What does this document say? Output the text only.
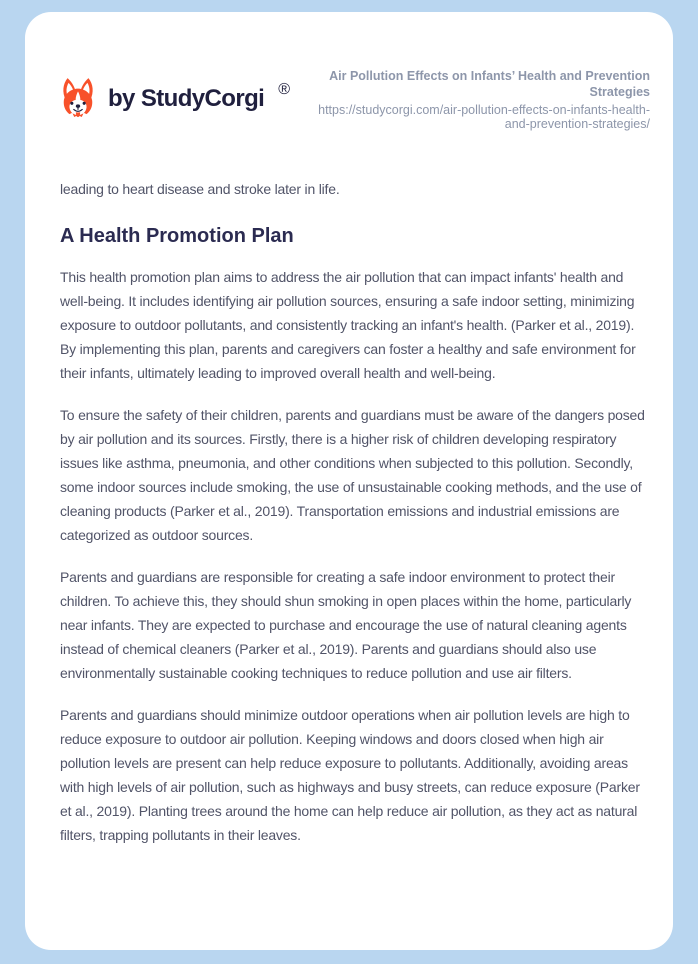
by StudyCorgi ®
Air Pollution Effects on Infants’ Health and Prevention Strategies
https://studycorgi.com/air-pollution-effects-on-infants-health-and-prevention-strategies/

leading to heart disease and stroke later in life.

A Health Promotion Plan

This health promotion plan aims to address the air pollution that can impact infants' health and well-being. It includes identifying air pollution sources, ensuring a safe indoor setting, minimizing exposure to outdoor pollutants, and consistently tracking an infant's health. (Parker et al., 2019). By implementing this plan, parents and caregivers can foster a healthy and safe environment for their infants, ultimately leading to improved overall health and well-being.

To ensure the safety of their children, parents and guardians must be aware of the dangers posed by air pollution and its sources. Firstly, there is a higher risk of children developing respiratory issues like asthma, pneumonia, and other conditions when subjected to this pollution. Secondly, some indoor sources include smoking, the use of unsustainable cooking methods, and the use of cleaning products (Parker et al., 2019). Transportation emissions and industrial emissions are categorized as outdoor sources.

Parents and guardians are responsible for creating a safe indoor environment to protect their children. To achieve this, they should shun smoking in open places within the home, particularly near infants. They are expected to purchase and encourage the use of natural cleaning agents instead of chemical cleaners (Parker et al., 2019). Parents and guardians should also use environmentally sustainable cooking techniques to reduce pollution and use air filters.

Parents and guardians should minimize outdoor operations when air pollution levels are high to reduce exposure to outdoor air pollution. Keeping windows and doors closed when high air pollution levels are present can help reduce exposure to pollutants. Additionally, avoiding areas with high levels of air pollution, such as highways and busy streets, can reduce exposure (Parker et al., 2019). Planting trees around the home can help reduce air pollution, as they act as natural filters, trapping pollutants in their leaves.
